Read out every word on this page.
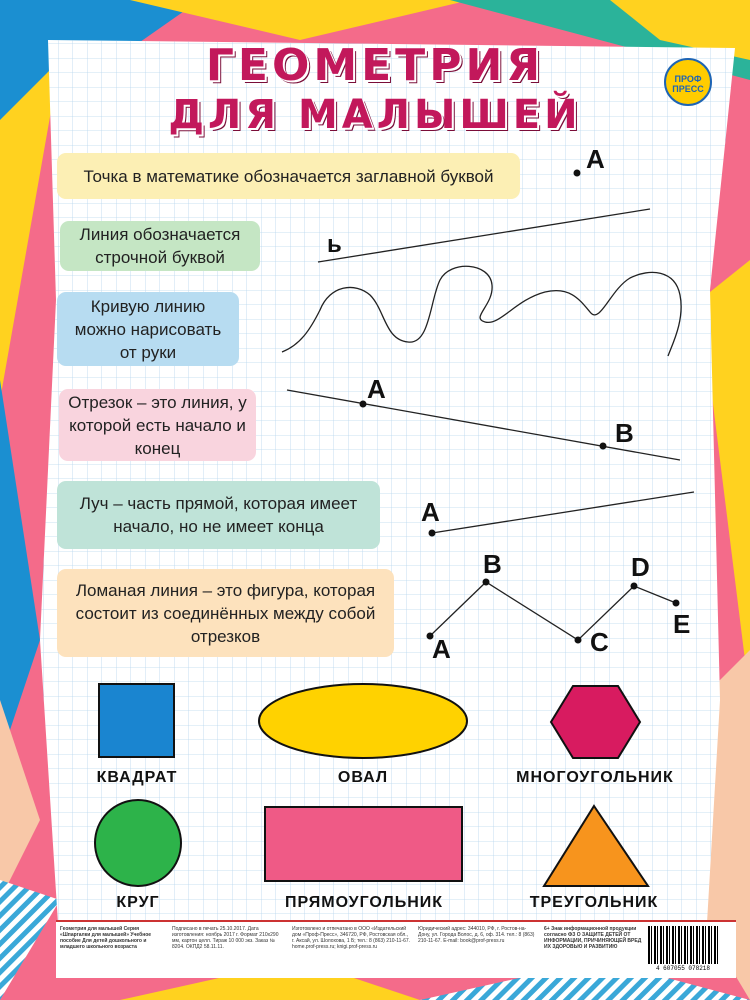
ГЕОМЕТРИЯ
ДЛЯ МАЛЫШЕЙ
ПРОФ ПРЕСС
Точка в математике обозначается заглавной буквой
Линия обозначается строчной буквой
Кривую линию можно нарисовать от руки
Отрезок – это линия, у которой есть начало и конец
Луч – часть прямой, которая имеет начало, но не имеет конца
Ломаная линия – это фигура, которая состоит из соединённых между собой отрезков
A
ь
A
B
A
A
B
C
D
E
КВАДРАТ	ОВАЛ	МНОГОУГОЛЬНИК
КРУГ	ПРЯМОУГОЛЬНИК	ТРЕУГОЛЬНИК
Геометрия для малышей Серия «Шпаргалки для малышей» Учебное пособие Для детей дошкольного и младшего школьного возраста
Подписано в печать 25.10.2017. Дата изготовления: ноябрь 2017 г. Формат 210х290 мм, картон целл. Тираж 10 000 экз. Заказ № 8204. ОКПД2 58.11.11.
Изготовлено и отпечатано в ООО «Издательский дом «Проф-Пресс», 346720, РФ, Ростовская обл., г. Аксай, ул. Шолохова, 1 Б; тел.: 8 (863) 210-11-67. home.prof-press.ru; knigi.prof-press.ru
Юридический адрес: 344010, РФ, г. Ростов-на-Дону, ул. Города Волос, д. 6, оф. 314. тел.: 8 (863) 210-11-67. E-mail: book@prof-press.ru
6+ Знак информационной продукции согласно ФЗ О ЗАЩИТЕ ДЕТЕЙ ОТ ИНФОРМАЦИИ, ПРИЧИНЯЮЩЕЙ ВРЕД ИХ ЗДОРОВЬЮ И РАЗВИТИЮ
4 607055 078218
